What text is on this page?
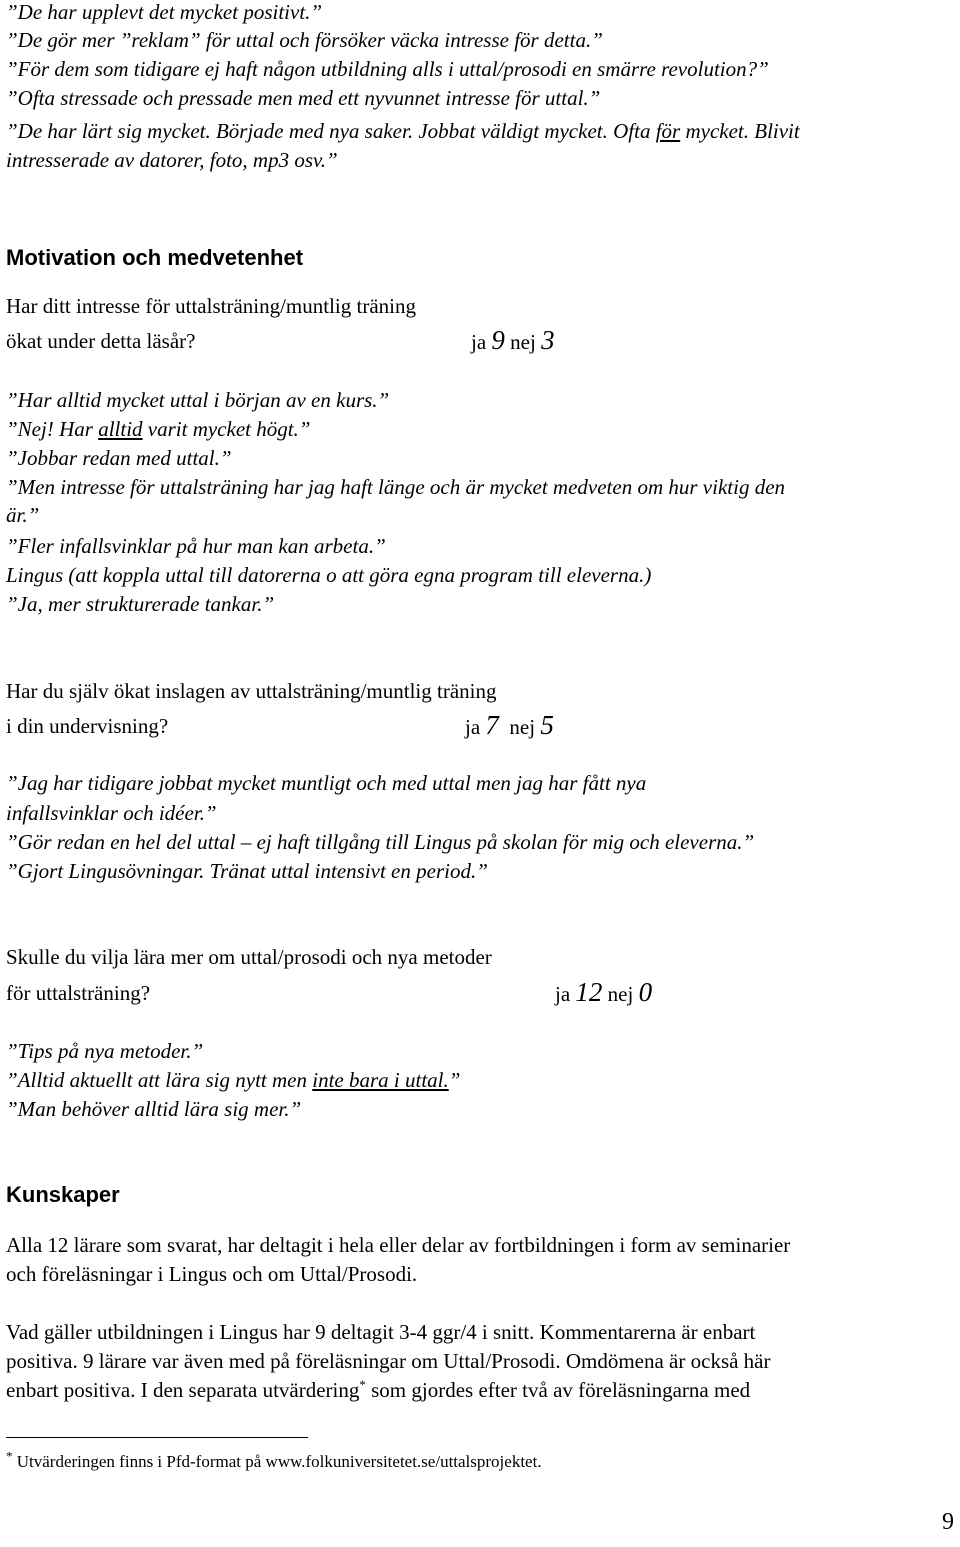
”De har upplevt det mycket positivt.”
”De gör mer ”reklam” för uttal och försöker väcka intresse för detta.”
”För dem som tidigare ej haft någon utbildning alls i uttal/prosodi en smärre revolution?”
”Ofta stressade och pressade men med ett nyvunnet intresse för uttal.”
”De har lärt sig mycket. Började med nya saker. Jobbat väldigt mycket. Ofta för mycket. Blivit
intresserade av datorer, foto, mp3 osv.”
Motivation och medvetenhet
Har ditt intresse för uttalsträning/muntlig träning
ökat under detta läsår?	ja 9 nej 3
”Har alltid mycket uttal i början av en kurs.”
”Nej! Har alltid varit mycket högt.”
”Jobbar redan med uttal.”
”Men intresse för uttalsträning har jag haft länge och är mycket medveten om hur viktig den
är.”
”Fler infallsvinklar på hur man kan arbeta.”
Lingus (att koppla uttal till datorerna o att göra egna program till eleverna.)
”Ja, mer strukturerade tankar.”
Har du själv ökat inslagen av uttalsträning/muntlig träning
i din undervisning?	ja 7 nej 5
”Jag har tidigare jobbat mycket muntligt och med uttal men jag har fått nya
infallsvinklar och idéer.”
”Gör redan en hel del uttal – ej haft tillgång till Lingus på skolan för mig och eleverna.”
”Gjort Lingusövningar. Tränat uttal intensivt en period.”
Skulle du vilja lära mer om uttal/prosodi och nya metoder
för uttalsträning?	ja 12 nej 0
”Tips på nya metoder.”
”Alltid aktuellt att lära sig nytt men inte bara i uttal.”
”Man behöver alltid lära sig mer.”
Kunskaper
Alla 12 lärare som svarat, har deltagit i hela eller delar av fortbildningen i form av seminarier
och föreläsningar i Lingus och om Uttal/Prosodi.
Vad gäller utbildningen i Lingus har 9 deltagit 3-4 ggr/4 i snitt. Kommentarerna är enbart
positiva. 9 lärare var även med på föreläsningar om Uttal/Prosodi. Omdömena är också här
enbart positiva. I den separata utvärdering* som gjordes efter två av föreläsningarna med
* Utvärderingen finns i Pfd-format på www.folkuniversitetet.se/uttalsprojektet.
9
